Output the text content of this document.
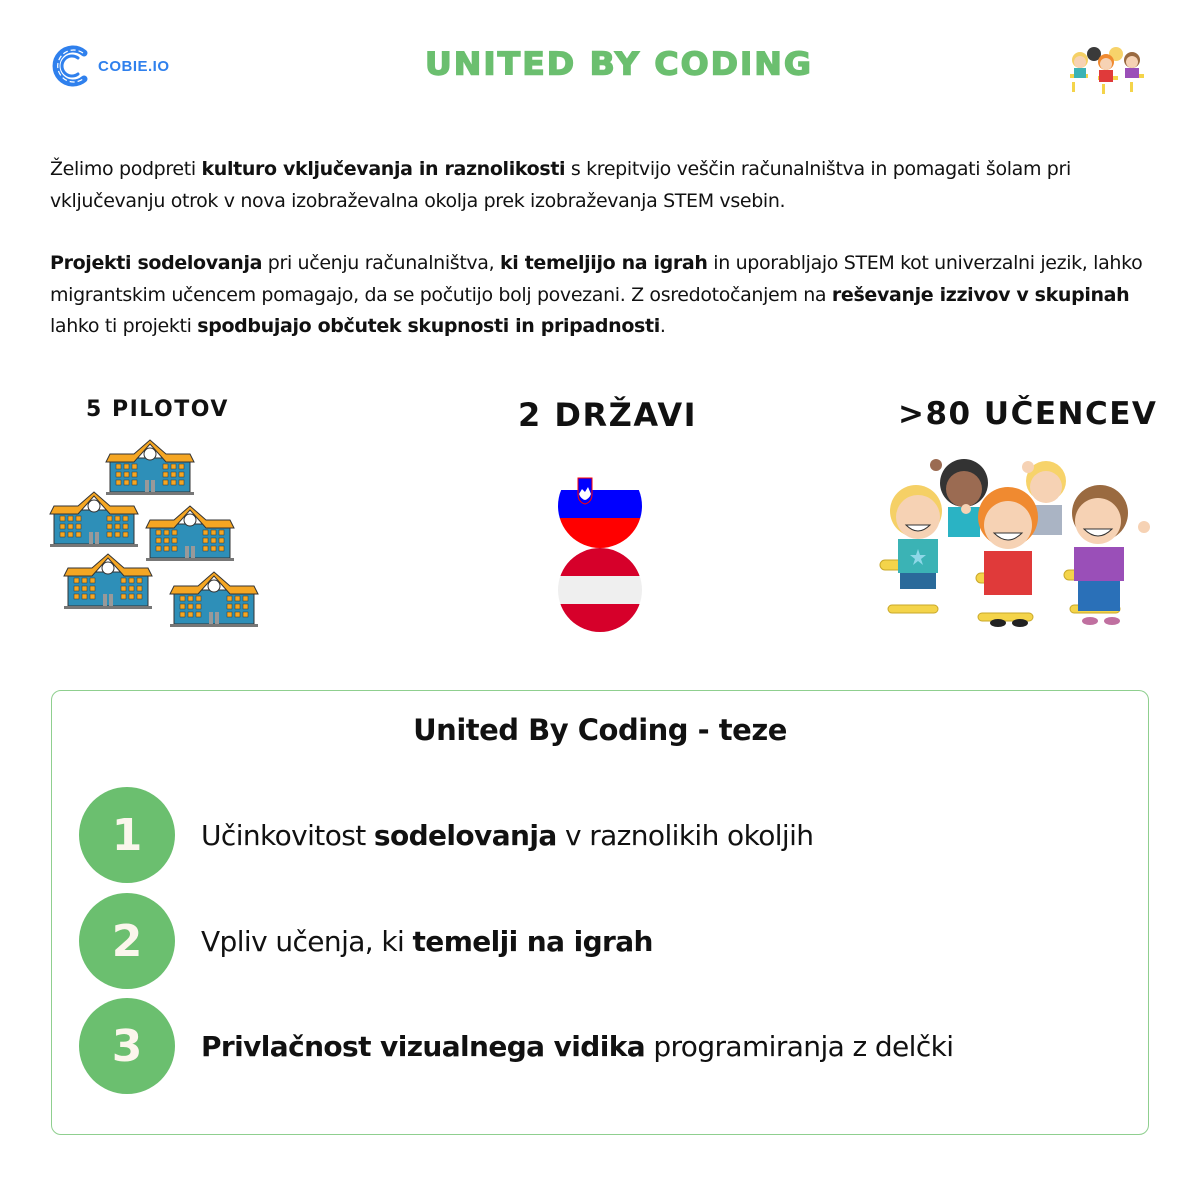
COBIE.IO	UNITED BY CODING

Želimo podpreti kulturo vključevanja in raznolikosti s krepitvijo veščin računalništva in pomagati šolam pri vključevanju otrok v nova izobraževalna okolja prek izobraževanja STEM vsebin.

Projekti sodelovanja pri učenju računalništva, ki temeljijo na igrah in uporabljajo STEM kot univerzalni jezik, lahko migrantskim učencem pomagajo, da se počutijo bolj povezani. Z osredotočanjem na reševanje izzivov v skupinah lahko ti projekti spodbujajo občutek skupnosti in pripadnosti.

5 PILOTOV	2 DRŽAVI	>80 UČENCEV
United By Coding - teze
1	Učinkovitost sodelovanja v raznolikih okoljih
2	Vpliv učenja, ki temelji na igrah
3	Privlačnost vizualnega vidika programiranja z delčki
